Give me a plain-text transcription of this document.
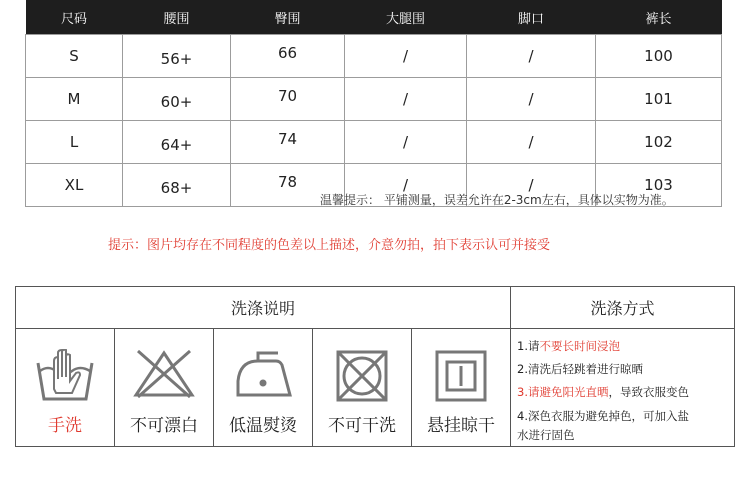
尺码	腰围	臀围	大腿围	脚口	裤长
S	56+	66	/	/	100
M	60+	70	/	/	101
L	64+	74	/	/	102
XL	68+	78	/	/	103
温馨提示： 平铺测量，误差允许在2-3cm左右，具体以实物为准。
提示：图片均存在不同程度的色差以上描述，介意勿拍，拍下表示认可并接受
洗涤说明	洗涤方式
手洗	不可漂白	低温熨烫	不可干洗	悬挂晾干
1.请不要长时间浸泡
2.清洗后轻跳着进行晾晒
3.请避免阳光直晒，导致衣服变色
4.深色衣服为避免掉色，可加入盐
水进行固色
